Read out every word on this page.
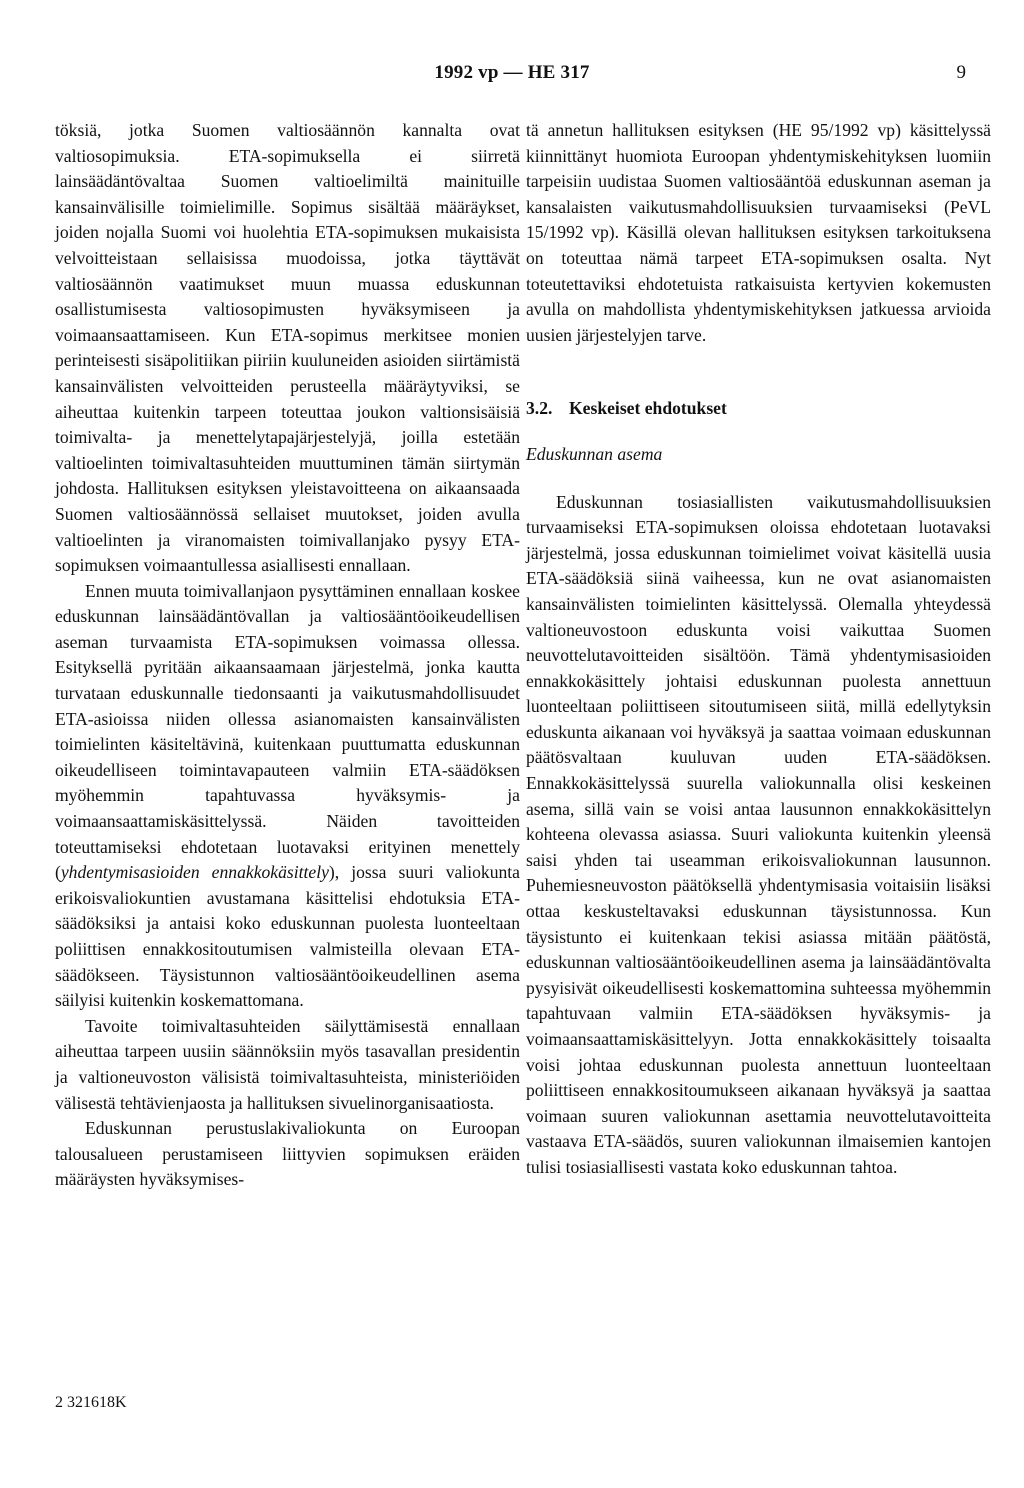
1992 vp — HE 317	9

töksiä, jotka Suomen valtiosäännön kannalta ovat valtiosopimuksia. ETA-sopimuksella ei siirretä lainsäädäntövaltaa Suomen valtioelimiltä mainituille kansainvälisille toimielimille. Sopimus sisältää määräykset, joiden nojalla Suomi voi huolehtia ETA-sopimuksen mukaisista velvoitteistaan sellaisissa muodoissa, jotka täyttävät valtiosäännön vaatimukset muun muassa eduskunnan osallistumisesta valtiosopimusten hyväksymiseen ja voimaansaattamiseen. Kun ETA-sopimus merkitsee monien perinteisesti sisäpolitiikan piiriin kuuluneiden asioiden siirtämistä kansainvälisten velvoitteiden perusteella määräytyviksi, se aiheuttaa kuitenkin tarpeen toteuttaa joukon valtionsisäisiä toimivalta- ja menettelytapajärjestelyjä, joilla estetään valtioelinten toimivaltasuhteiden muuttuminen tämän siirtymän johdosta. Hallituksen esityksen yleistavoitteena on aikaansaada Suomen valtiosäännössä sellaiset muutokset, joiden avulla valtioelinten ja viranomaisten toimivallanjako pysyy ETA-sopimuksen voimaantullessa asiallisesti ennallaan.

Ennen muuta toimivallanjaon pysyttäminen ennallaan koskee eduskunnan lainsäädäntövallan ja valtiosääntöoikeudellisen aseman turvaamista ETA-sopimuksen voimassa ollessa. Esityksellä pyritään aikaansaamaan järjestelmä, jonka kautta turvataan eduskunnalle tiedonsaanti ja vaikutusmahdollisuudet ETA-asioissa niiden ollessa asianomaisten kansainvälisten toimielinten käsiteltävinä, kuitenkaan puuttumatta eduskunnan oikeudelliseen toimintavapauteen valmiin ETA-säädöksen myöhemmin tapahtuvassa hyväksymis- ja voimaansaattamiskäsittelyssä. Näiden tavoitteiden toteuttamiseksi ehdotetaan luotavaksi erityinen menettely (yhdentymisasioiden ennakkokäsittely), jossa suuri valiokunta erikoisvaliokuntien avustamana käsittelisi ehdotuksia ETA-säädöksiksi ja antaisi koko eduskunnan puolesta luonteeltaan poliittisen ennakkositoutumisen valmisteilla olevaan ETA-säädökseen. Täysistunnon valtiosääntöoikeudellinen asema säilyisi kuitenkin koskemattomana.

Tavoite toimivaltasuhteiden säilyttämisestä ennallaan aiheuttaa tarpeen uusiin säännöksiin myös tasavallan presidentin ja valtioneuvoston välisistä toimivaltasuhteista, ministeriöiden välisestä tehtävienjaosta ja hallituksen sivuelinorganisaatiosta.

Eduskunnan perustuslakivaliokunta on Euroopan talousalueen perustamiseen liittyvien sopimuksen eräiden määräysten hyväksymises-

tä annetun hallituksen esityksen (HE 95/1992 vp) käsittelyssä kiinnittänyt huomiota Euroopan yhdentymiskehityksen luomiin tarpeisiin uudistaa Suomen valtiosääntöä eduskunnan aseman ja kansalaisten vaikutusmahdollisuuksien turvaamiseksi (PeVL 15/1992 vp). Käsillä olevan hallituksen esityksen tarkoituksena on toteuttaa nämä tarpeet ETA-sopimuksen osalta. Nyt toteutettaviksi ehdotetuista ratkaisuista kertyvien kokemusten avulla on mahdollista yhdentymiskehityksen jatkuessa arvioida uusien järjestelyjen tarve.

3.2. Keskeiset ehdotukset
Eduskunnan asema

Eduskunnan tosiasiallisten vaikutusmahdollisuuksien turvaamiseksi ETA-sopimuksen oloissa ehdotetaan luotavaksi järjestelmä, jossa eduskunnan toimielimet voivat käsitellä uusia ETA-säädöksiä siinä vaiheessa, kun ne ovat asianomaisten kansainvälisten toimielinten käsittelyssä. Olemalla yhteydessä valtioneuvostoon eduskunta voisi vaikuttaa Suomen neuvottelutavoitteiden sisältöön. Tämä yhdentymisasioiden ennakkokäsittely johtaisi eduskunnan puolesta annettuun luonteeltaan poliittiseen sitoutumiseen siitä, millä edellytyksin eduskunta aikanaan voi hyväksyä ja saattaa voimaan eduskunnan päätösvaltaan kuuluvan uuden ETA-säädöksen. Ennakkokäsittelyssä suurella valiokunnalla olisi keskeinen asema, sillä vain se voisi antaa lausunnon ennakkokäsittelyn kohteena olevassa asiassa. Suuri valiokunta kuitenkin yleensä saisi yhden tai useamman erikoisvaliokunnan lausunnon. Puhemiesneuvoston päätöksellä yhdentymisasia voitaisiin lisäksi ottaa keskusteltavaksi eduskunnan täysistunnossa. Kun täysistunto ei kuitenkaan tekisi asiassa mitään päätöstä, eduskunnan valtiosääntöoikeudellinen asema ja lainsäädäntövalta pysyisivät oikeudellisesti koskemattomina suhteessa myöhemmin tapahtuvaan valmiin ETA-säädöksen hyväksymis- ja voimaansaattamiskäsittelyyn. Jotta ennakkokäsittely toisaalta voisi johtaa eduskunnan puolesta annettuun luonteeltaan poliittiseen ennakkositoumukseen aikanaan hyväksyä ja saattaa voimaan suuren valiokunnan asettamia neuvottelutavoitteita vastaava ETA-säädös, suuren valiokunnan ilmaisemien kantojen tulisi tosiasiallisesti vastata koko eduskunnan tahtoa.

2 321618K
